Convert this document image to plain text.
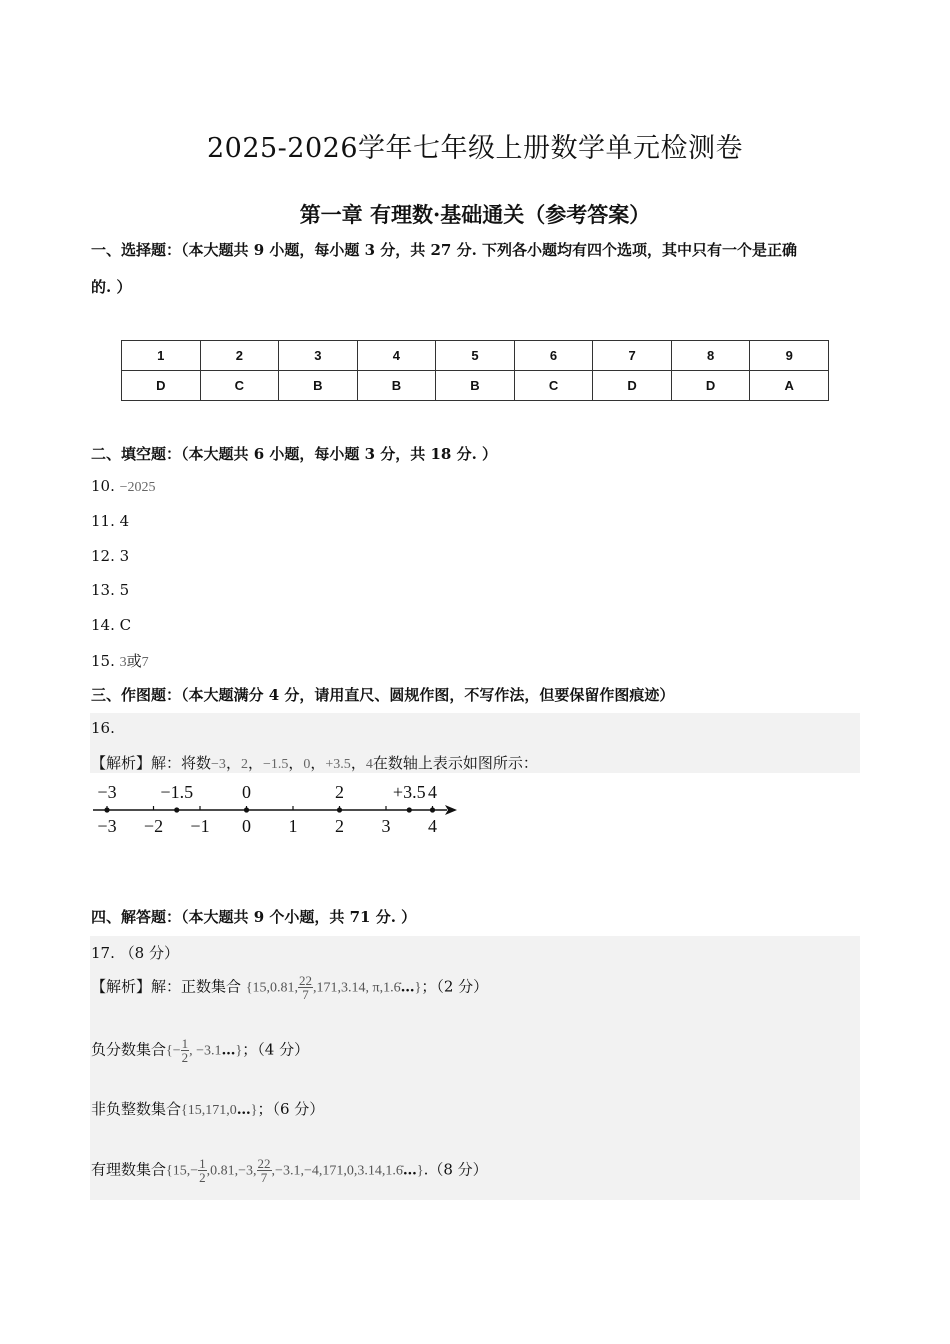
2025-2026学年七年级上册数学单元检测卷
第一章 有理数·基础通关（参考答案）
一、选择题：（本大题共 9 小题，每小题 3 分，共 27 分. 下列各小题均有四个选项，其中只有一个是正确
的. ）
1	2	3	4	5	6	7	8	9
D	C	B	B	B	C	D	D	A
二、填空题：（本大题共 6 小题，每小题 3 分，共 18 分. ）
10. −2025
11. 4
12. 3
13. 5
14. C
15. 3或7
三、作图题：（本大题满分 4 分，请用直尺、圆规作图，不写作法，但要保留作图痕迹）
16.
【解析】解：将数−3，2，−1.5，0，+3.5，4在数轴上表示如图所示：
−3 −2 −1 0 1 2 3 4
−3 −1.5	0	2	+3.5 4
四、解答题：（本大题共 9 个小题，共 71 分. ）
17. （8 分）
【解析】解：正数集合 {15,0.81, $\frac{22}{7} ,171,3.14$, π,1.6̇…}；（2 分）
负分数集合{− $\frac{1}{2}$ , −3.1…}；（4 分）
非负整数集合{15,171,0…}；（6 分）
有理数集合{$15,- \frac{1}{2} ,0.81,-3$, $\frac{22}{7}$ ,−3.1,−4,171,0,3.14,1.6̇…}.（8 分）
